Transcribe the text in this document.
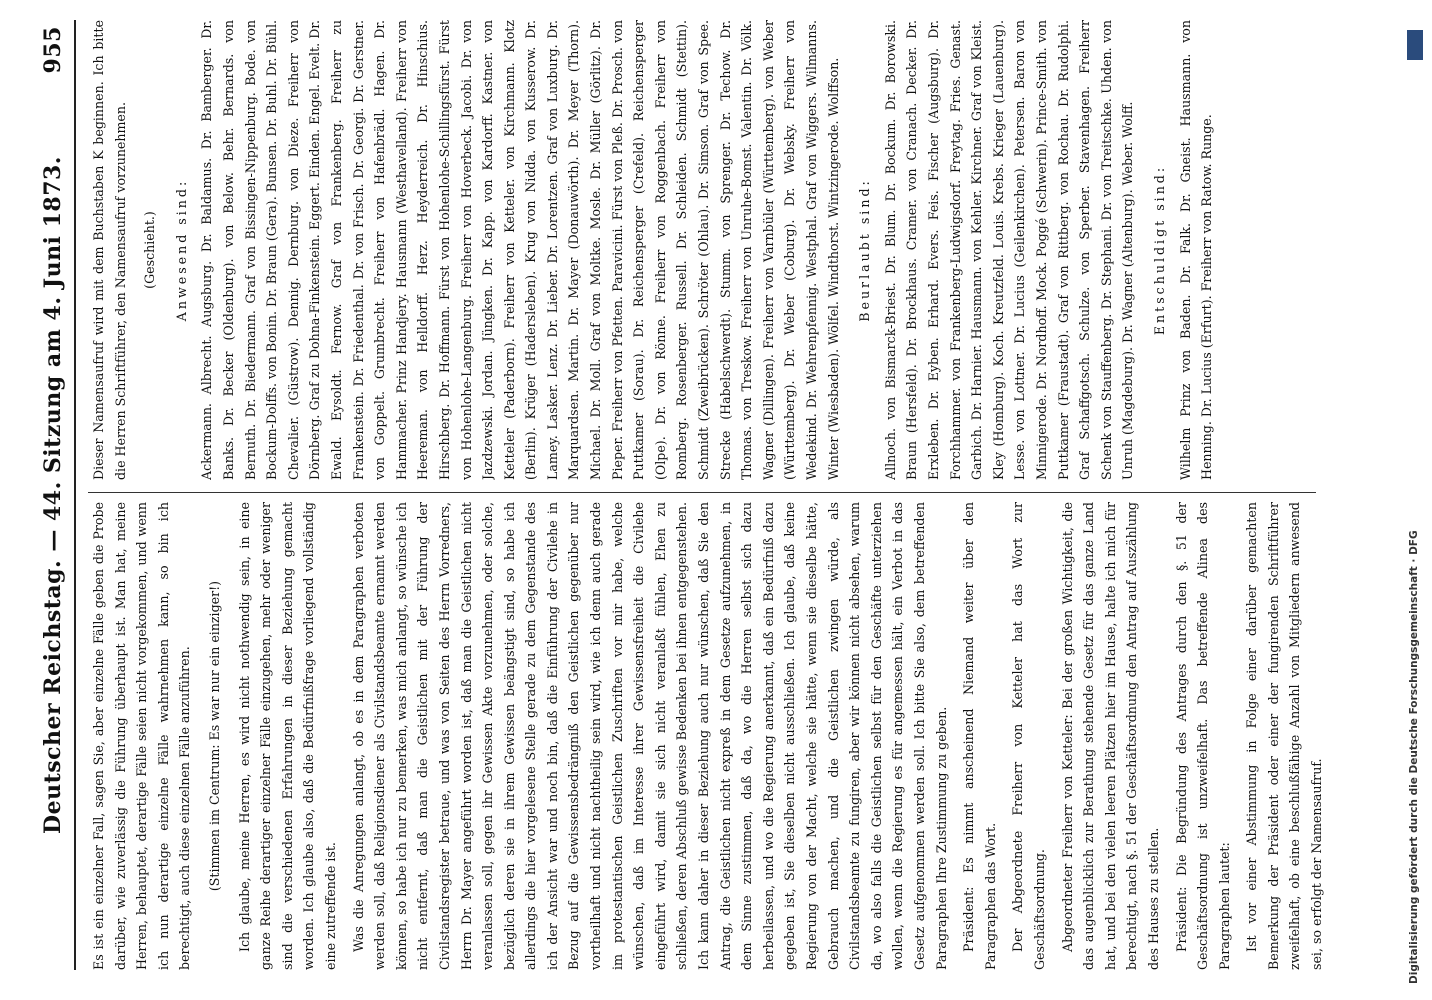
Deutscher Reichstag. — 44. Sitzung am 4. Juni 1873.
955

Es ist ein einzelner Fall, sagen Sie, aber einzelne Fälle geben die Probe darüber, wie zuverlässig die Führung überhaupt ist. Man hat, meine Herren, behauptet, derartige Fälle seien nicht vorgekommen, und wenn ich nun derartige einzelne Fälle wahrnehmen kann, so bin ich berechtigt, auch diese einzelnen Fälle anzuführen. (Stimmen im Centrum: Es war nur ein einziger!) Ich glaube, meine Herren, es wird nicht nothwendig sein, in eine ganze Reihe derartiger einzelner Fälle einzugehen, mehr oder weniger sind die verschiedenen Erfahrungen in dieser Beziehung gemacht worden. Ich glaube also, daß die Bedürfnißfrage vorliegend vollständig eine zutreffende ist. Was die Anregungen anlangt, ob es in dem Paragraphen verboten werden soll, daß Religionsdiener als Civilstandsbeamte ernannt werden können, so habe ich nur zu bemerken, was mich anlangt, so wünsche ich nicht entfernt, daß man die Geistlichen mit der Führung der Civilstandsregister betraue, und was von Seiten des Herrn Vorredners, Herrn Dr. Mayer angeführt worden ist, daß man die Geistlichen nicht veranlassen soll, gegen ihr Gewissen Akte vorzunehmen, oder solche, bezüglich deren sie in ihrem Gewissen beängstigt sind, so habe ich allerdings die hier vorgelesene Stelle gerade zu dem Gegenstande des ich der Ansicht war und noch bin, daß die Einführung der Civilehe in Bezug auf die Gewissensbedrängniß den Geistlichen gegenüber nur vortheilhaft und nicht nachtheilig sein wird, wie ich denn auch gerade im protestantischen Geistlichen Zuschriften vor mir habe, welche wünschen, daß im Interesse ihrer Gewissensfreiheit die Civilehe eingeführt wird, damit sie sich nicht veranlaßt fühlen, Ehen zu schließen, deren Abschluß gewisse Bedenken bei ihnen entgegenstehen. Ich kann daher in dieser Beziehung auch nur wünschen, daß Sie den Antrag, die Geistlichen nicht expreß in dem Gesetze aufzunehmen, in dem Sinne zustimmen, daß da, wo die Herren selbst sich dazu herbeilassen, und wo die Regierung anerkannt, daß ein Bedürfniß dazu gegeben ist, Sie dieselben nicht ausschließen. Ich glaube, daß keine Regierung von der Macht, welche sie hätte, wenn sie dieselbe hätte, Gebrauch machen, und die Geistlichen zwingen würde, als Civilstandsbeamte zu fungiren, aber wir können nicht absehen, warum da, wo also falls die Geistlichen selbst für den Geschäfte unterziehen wollen, wenn die Regierung es für angemessen hält, ein Verbot in das Gesetz aufgenommen werden soll. Ich bitte Sie also, dem betreffenden Paragraphen Ihre Zustimmung zu geben. Präsident: Es nimmt anscheinend Niemand weiter über den Paragraphen das Wort. Der Abgeordnete Freiherr von Ketteler hat das Wort zur Geschäftsordnung. Abgeordneter Freiherr von Ketteler: Bei der großen Wichtigkeit, die das augenblicklich zur Berathung stehende Gesetz für das ganze Land hat, und bei den vielen leeren Plätzen hier im Hause, halte ich mich für berechtigt, nach §. 51 der Geschäftsordnung den Antrag auf Auszählung des Hauses zu stellen. Präsident: Die Begründung des Antrages durch den §. 51 der Geschäftsordnung ist unzweifelhaft. Das betreffende Alinea des Paragraphen lautet: Ist vor einer Abstimmung in Folge einer darüber gemachten Bemerkung der Präsident oder einer der fungirenden Schriftführer zweifelhaft, ob eine beschlußfähige Anzahl von Mitgliedern anwesend sei, so erfolgt der Namensaufruf.

Dieser Namensaufruf wird mit dem Buchstaben K beginnen. Ich bitte die Herren Schriftführer, den Namensaufruf vorzunehmen. (Geschieht.) Anwesend sind: Ackermann. Albrecht. Augsburg. Dr. Baldamus. Dr. Bamberger. Dr. Banks. Dr. Becker (Oldenburg). von Below. Behr. Bernards. von Bernuth. Dr. Biedermann. Graf von Bissingen-Nippenburg. Bode. von Bockum-Dolffs. von Bonin. Dr. Braun (Gera). Bunsen. Dr. Buhl. Dr. Bühl. Chevalier. (Güstrow). Dennig. Dernburg. von Dieze. Freiherr von Dörnberg. Graf zu Dohna-Finkenstein. Eggert. Einden. Engel. Evelt. Dr. Ewald. Eysoldt. Fernow. Graf von Frankenberg. Freiherr zu Frankenstein. Dr. Friedenthal. Dr. von Frisch. Dr. Georgi. Dr. Gerstner. von Goppelt. Grumbrecht. Freiherr von Hafenbrädl. Hagen. Dr. Hammacher. Prinz Handjery. Hausmann (Westhavelland). Freiherr von Heereman. von Helldorff. Herz. Heyderreich. Dr. Hinschius. Hirschberg. Dr. Hoffmann. Fürst von Hohenlohe-Schillingsfürst. Fürst von Hohenlohe-Langenburg. Freiherr von Hoverbeck. Jacobi. Dr. von Jazdzewski. Jordan. Jüngken. Dr. Kapp. von Kardorff. Kastner. von Ketteler (Paderborn). Freiherr von Ketteler. von Kirchmann. Klotz (Berlin). Krüger (Hadersleben). Krug von Nidda. von Kusserow. Dr. Lamey. Lasker. Lenz. Dr. Lieber. Dr. Lorentzen. Graf von Luxburg. Dr. Marquardsen. Martin. Dr. Mayer (Donauwörth). Dr. Meyer (Thorn). Michael. Dr. Moll. Graf von Moltke. Mosle. Dr. Müller (Görlitz). Dr. Pieper. Freiherr von Pfetten. Paravicini. Fürst von Pleß. Dr. Prosch. von Puttkamer (Sorau). Dr. Reichensperger (Crefeld). Reichensperger (Olpe). Dr. von Rönne. Freiherr von Roggenbach. Freiherr von Romberg. Rosenberger. Russell. Dr. Schleiden. Schmidt (Stettin). Schmidt (Zweibrücken). Schröter (Ohlau). Dr. Simson. Graf von Spee. Strecke (Habelschwerdt). Stumm. von Sprenger. Dr. Techow. Dr. Thomas. von Treskow. Freiherr von Unruhe-Bomst. Valentin. Dr. Völk. Wagner (Dillingen). Freiherr von Varnbüler (Württemberg). von Weber (Württemberg). Dr. Weber (Coburg). Dr. Websky. Freiherr von Wedekind. Dr. Wehrenpfennig. Westphal. Graf von Wiggers. Wilmanns. Winter (Wiesbaden). Wölfel. Windthorst. Wintzingerode. Wolffson. Beurlaubt sind: Allnoch. von Bismarck-Briest. Dr. Blum. Dr. Bockum. Dr. Borowski. Braun (Hersfeld). Dr. Brockhaus. Cramer. von Cranach. Decker. Dr. Erxleben. Dr. Eyben. Erhard. Evers. Feis. Fischer (Augsburg). Dr. Forchhammer. von Frankenberg-Ludwigsdorf. Freytag. Fries. Genast. Garbich. Dr. Harnier. Hausmann. von Kehler. Kirchner. Graf von Kleist. Kley (Homburg). Koch. Kreutzfeld. Louis. Krebs. Krieger (Lauenburg). Lesse. von Lottner. Dr. Lucius (Geilenkirchen). Petersen. Baron von Minnigerode. Dr. Nordhoff. Mock. Poggé (Schwerin). Prince-Smith. von Puttkamer (Fraustadt). Graf von Rittberg. von Rochau. Dr. Rudolphi. Graf Schaffgotsch. Schulze. von Sperber. Stavenhagen. Freiherr Schenk von Stauffenberg. Dr. Stephani. Dr. von Treitschke. Uhden. von Unruh (Magdeburg). Dr. Wagner (Altenburg). Weber. Wolff. Entschuldigt sind: Wilhelm Prinz von Baden. Dr. Falk. Dr. Gneist. Hausmann. von Henning. Dr. Lucius (Erfurt). Freiherr von Ratow. Runge.

Digitalisierung gefördert durch die Deutsche Forschungsgemeinschaft · DFG
